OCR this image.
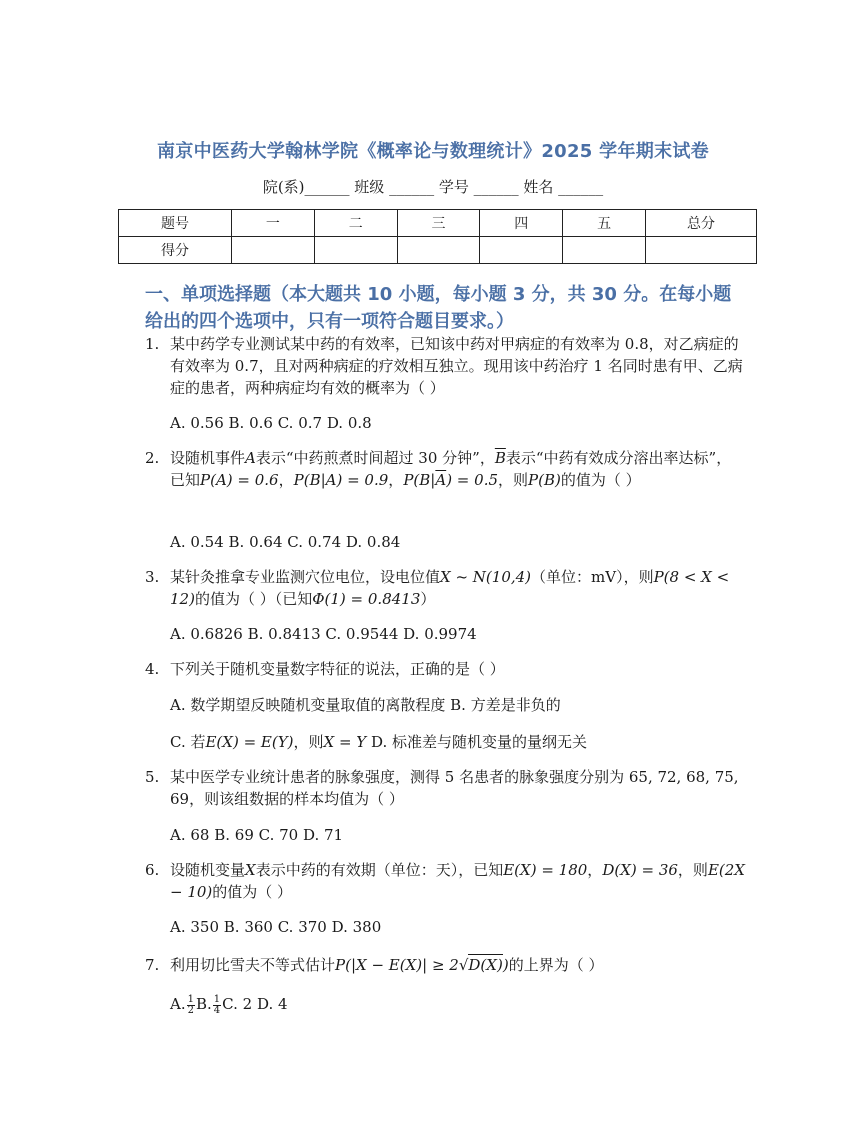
南京中医药大学翰林学院《概率论与数理统计》2025 学年期末试卷
院(系)______ 班级 ______ 学号 ______ 姓名 ______
题号	一	二	三	四	五	总分
得分						
一、单项选择题（本大题共 10 小题，每小题 3 分，共 30 分。在每小题给出的四个选项中，只有一项符合题目要求。）
1. 某中药学专业测试某中药的有效率，已知该中药对甲病症的有效率为 0.8，对乙病症的有效率为 0.7，且对两种病症的疗效相互独立。现用该中药治疗 1 名同时患有甲、乙病症的患者，两种病症均有效的概率为（ ）
A. 0.56 B. 0.6 C. 0.7 D. 0.8
2. 设随机事件A表示“中药煎煮时间超过 30 分钟”，$\overline{B}$表示“中药有效成分溶出率达标”，已知P(A) = 0.6，P(B|A) = 0.9，$P(B|\overline{A}) = 0.5$，则P(B)的值为（ ）
A. 0.54 B. 0.64 C. 0.74 D. 0.84
3. 某针灸推拿专业监测穴位电位，设电位值X ~ N(10,4)（单位：mV），则P(8 < X < 12)的值为（ ）（已知Φ(1) = 0.8413）
A. 0.6826 B. 0.8413 C. 0.9544 D. 0.9974
4. 下列关于随机变量数字特征的说法，正确的是（ ）
A. 数学期望反映随机变量取值的离散程度 B. 方差是非负的
C. 若E(X) = E(Y)，则X = Y D. 标准差与随机变量的量纲无关
5. 某中医学专业统计患者的脉象强度，测得 5 名患者的脉象强度分别为 65, 72, 68, 75, 69，则该组数据的样本均值为（ ）
A. 68 B. 69 C. 70 D. 71
6. 设随机变量X表示中药的有效期（单位：天），已知E(X) = 180，D(X) = 36，则E(2X − 10)的值为（ ）
A. 350 B. 360 C. 370 D. 380
7. 利用切比雪夫不等式估计P(|X − E(X)| ≥ 2√D(X))的上界为（ ）
A. $\frac{1}{2} B$. $\frac{1}{4} C$. 2 D. 4
